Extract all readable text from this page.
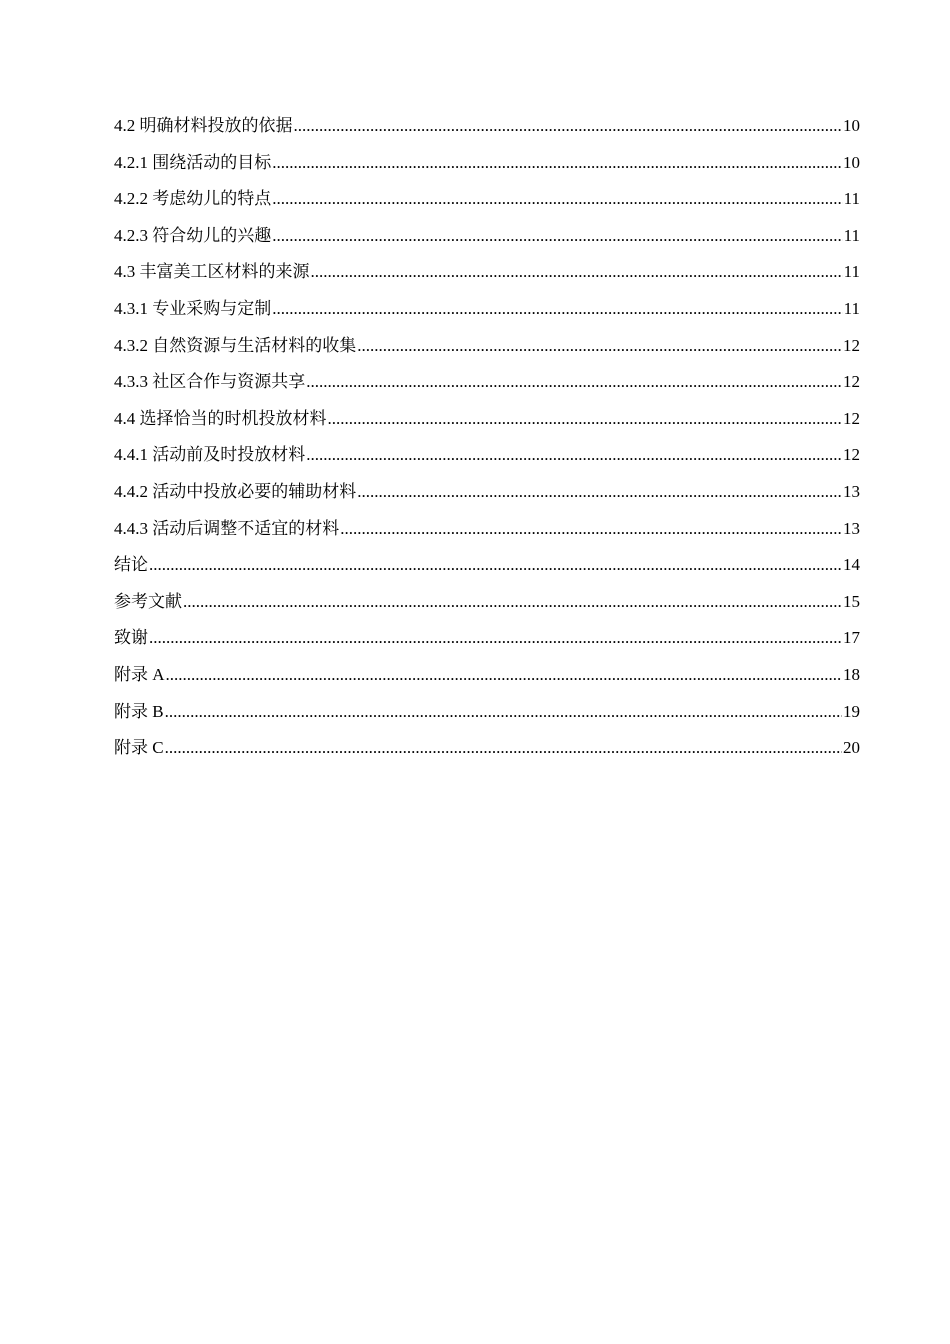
4.2 明确材料投放的依据 .....	10
4.2.1 围绕活动的目标 .....	10
4.2.2 考虑幼儿的特点 .....	11
4.2.3 符合幼儿的兴趣 .....	11
4.3 丰富美工区材料的来源 .....	11
4.3.1 专业采购与定制 .....	11
4.3.2 自然资源与生活材料的收集 .....	12
4.3.3 社区合作与资源共享 .....	12
4.4 选择恰当的时机投放材料 .....	12
4.4.1 活动前及时投放材料 .....	12
4.4.2 活动中投放必要的辅助材料 .....	13
4.4.3 活动后调整不适宜的材料 .....	13
结论 .....	14
参考文献 .....	15
致谢 .....	17
附录 A .....	18
附录 B .....	19
附录 C .....	20
